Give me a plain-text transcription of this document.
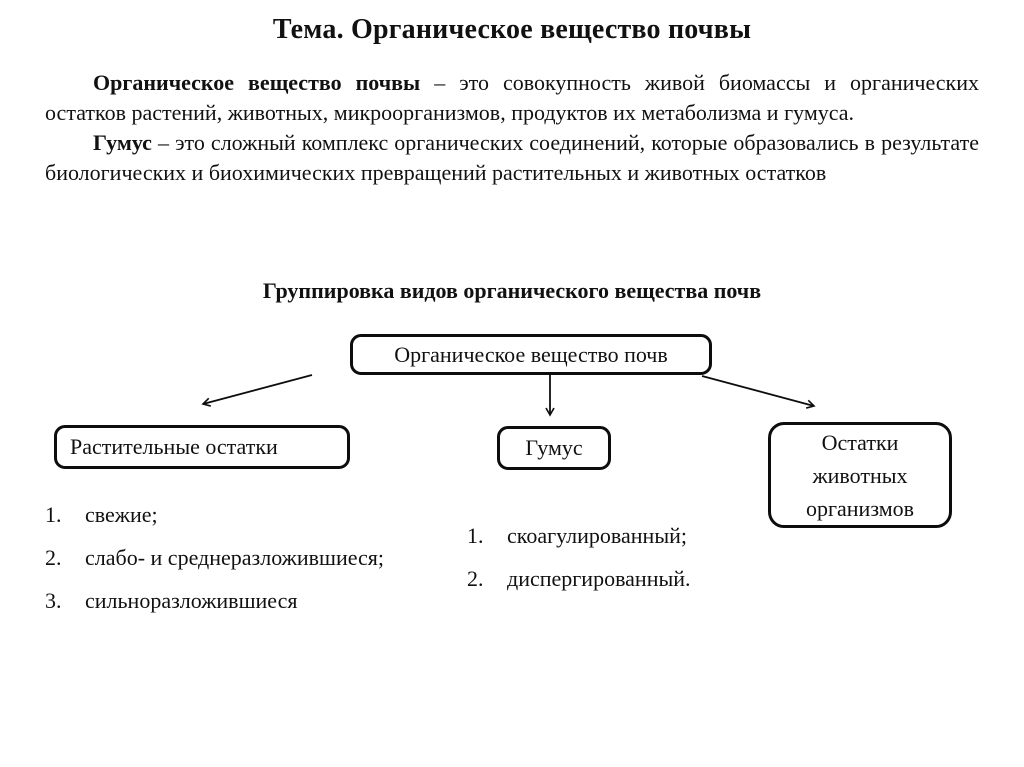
Тема. Органическое вещество почвы

Органическое вещество почвы – это совокупность живой биомассы и органических остатков растений, животных, микроорганизмов, продуктов их метаболизма и гумуса.

Гумус – это сложный комплекс органических соединений, которые образовались в результате биологических и биохимических превращений растительных и животных остатков

Группировка видов органического вещества почв
Органическое вещество почв
Растительные остатки	Гумус	Остатки животных организмов
1.	свежие;
2.	слабо- и среднеразложившиеся;
3.	сильноразложившиеся
1.	скоагулированный;
2.	диспергированный.
